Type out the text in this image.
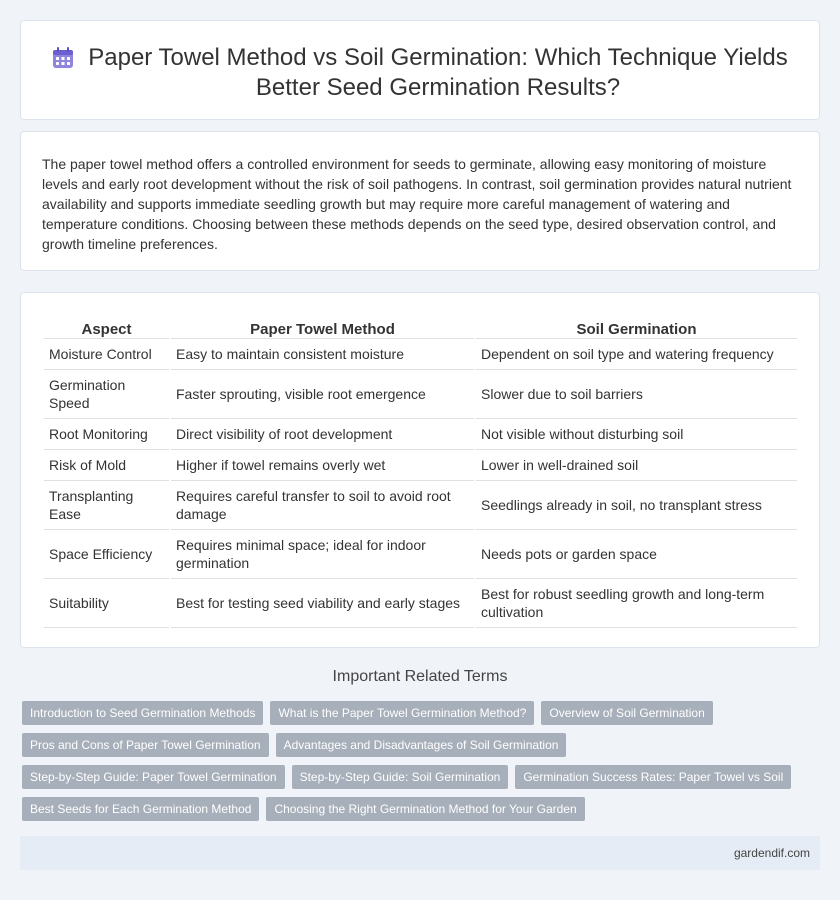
Paper Towel Method vs Soil Germination: Which Technique Yields Better Seed Germination Results?

The paper towel method offers a controlled environment for seeds to germinate, allowing easy monitoring of moisture levels and early root development without the risk of soil pathogens. In contrast, soil germination provides natural nutrient availability and supports immediate seedling growth but may require more careful management of watering and temperature conditions. Choosing between these methods depends on the seed type, desired observation control, and growth timeline preferences.

Aspect	Paper Towel Method	Soil Germination
Moisture Control	Easy to maintain consistent moisture	Dependent on soil type and watering frequency
Germination Speed	Faster sprouting, visible root emergence	Slower due to soil barriers
Root Monitoring	Direct visibility of root development	Not visible without disturbing soil
Risk of Mold	Higher if towel remains overly wet	Lower in well-drained soil
Transplanting Ease	Requires careful transfer to soil to avoid root damage	Seedlings already in soil, no transplant stress
Space Efficiency	Requires minimal space; ideal for indoor germination	Needs pots or garden space
Suitability	Best for testing seed viability and early stages	Best for robust seedling growth and long-term cultivation
Important Related Terms
Introduction to Seed Germination Methods	What is the Paper Towel Germination Method?	Overview of Soil Germination
Pros and Cons of Paper Towel Germination	Advantages and Disadvantages of Soil Germination
Step-by-Step Guide: Paper Towel Germination	Step-by-Step Guide: Soil Germination	Germination Success Rates: Paper Towel vs Soil
Best Seeds for Each Germination Method	Choosing the Right Germination Method for Your Garden
gardendif.com
